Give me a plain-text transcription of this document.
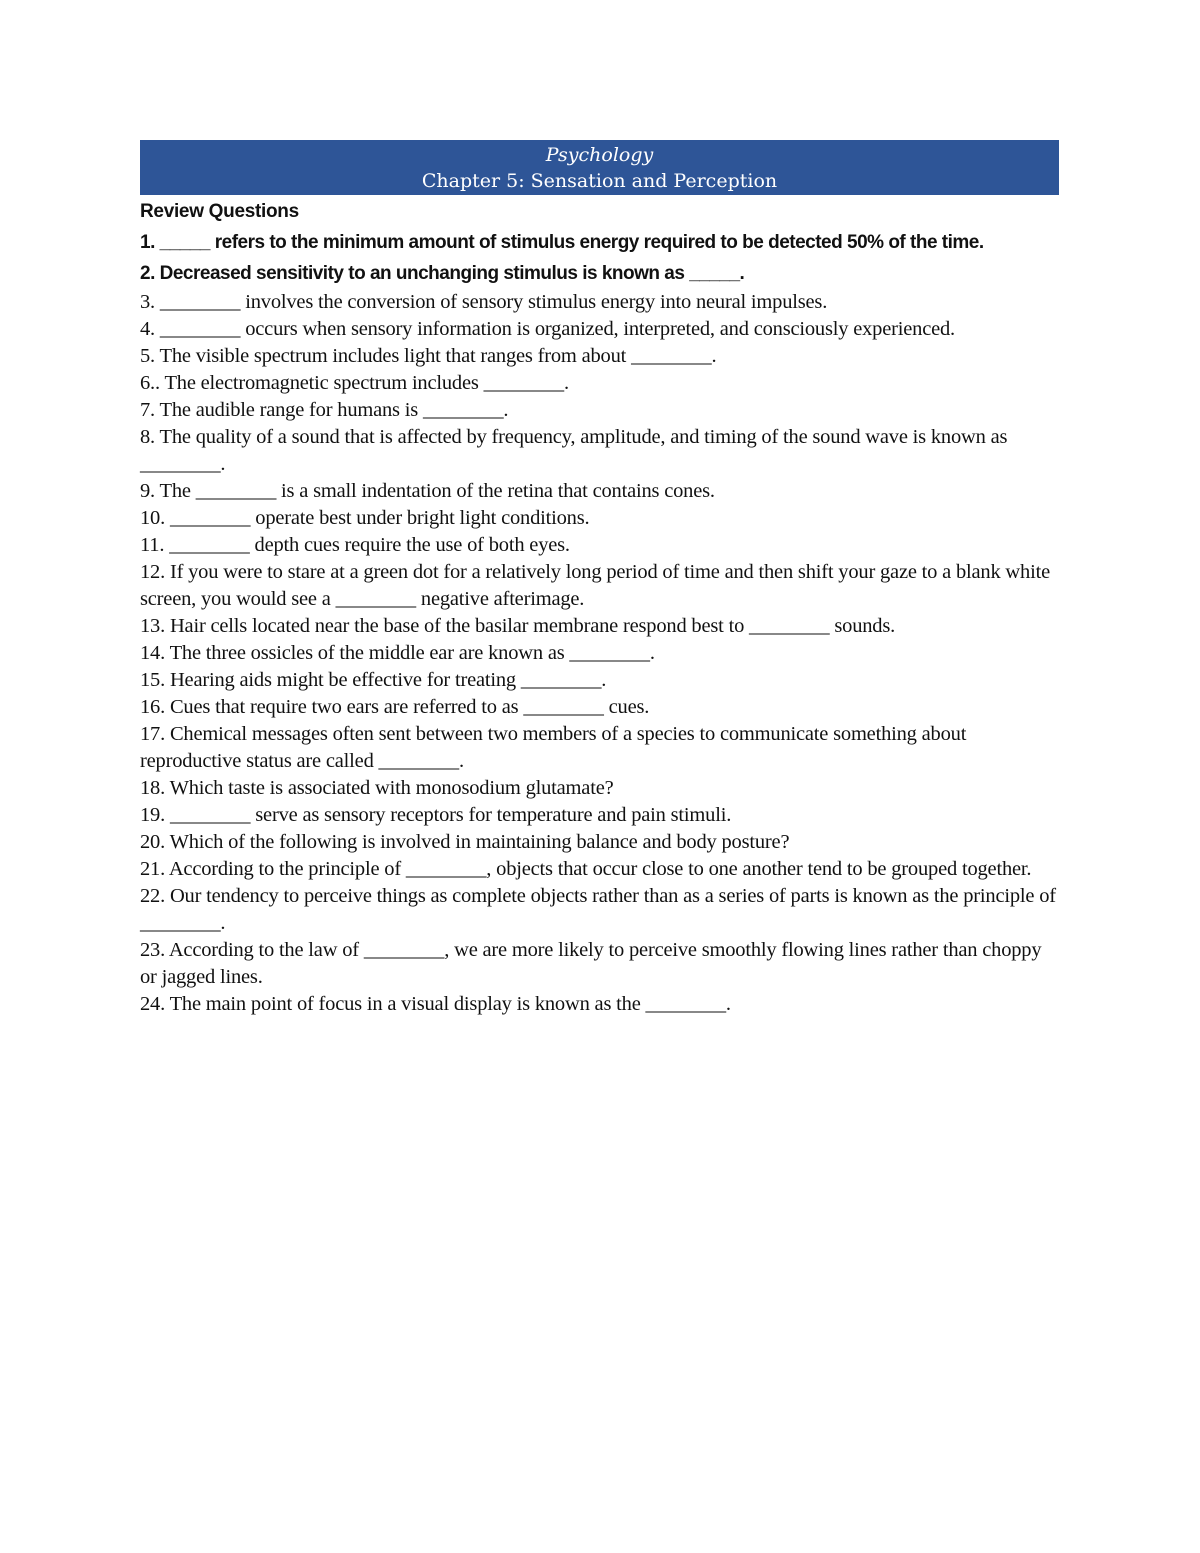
Psychology
Chapter 5: Sensation and Perception
Review Questions
1. _____ refers to the minimum amount of stimulus energy required to be detected 50% of the time.
2. Decreased sensitivity to an unchanging stimulus is known as _____.
3. ________ involves the conversion of sensory stimulus energy into neural impulses.
4. ________ occurs when sensory information is organized, interpreted, and consciously experienced.
5. The visible spectrum includes light that ranges from about ________.
6.. The electromagnetic spectrum includes ________.
7. The audible range for humans is ________.
8. The quality of a sound that is affected by frequency, amplitude, and timing of the sound wave is known as ________.
9. The ________ is a small indentation of the retina that contains cones.
10. ________ operate best under bright light conditions.
11. ________ depth cues require the use of both eyes.
12. If you were to stare at a green dot for a relatively long period of time and then shift your gaze to a blank white screen, you would see a ________ negative afterimage.
13. Hair cells located near the base of the basilar membrane respond best to ________ sounds.
14. The three ossicles of the middle ear are known as ________.
15. Hearing aids might be effective for treating ________.
16. Cues that require two ears are referred to as ________ cues.
17. Chemical messages often sent between two members of a species to communicate something about reproductive status are called ________.
18. Which taste is associated with monosodium glutamate?
19. ________ serve as sensory receptors for temperature and pain stimuli.
20. Which of the following is involved in maintaining balance and body posture?
21. According to the principle of ________, objects that occur close to one another tend to be grouped together.
22. Our tendency to perceive things as complete objects rather than as a series of parts is known as the principle of ________.
23. According to the law of ________, we are more likely to perceive smoothly flowing lines rather than choppy or jagged lines.
24. The main point of focus in a visual display is known as the ________.
